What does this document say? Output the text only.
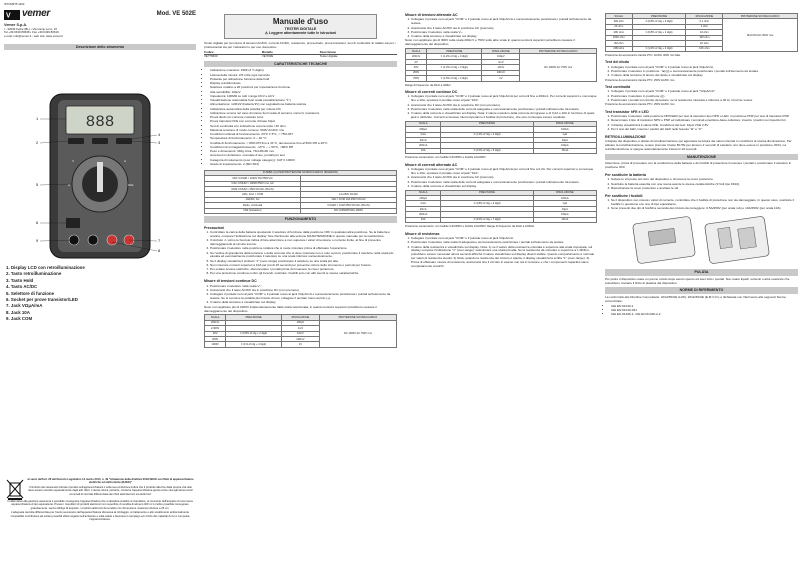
ISTOM975 1404
V vemer	Mod. VE 502E
Vemer S.p.A.
I - 32032 Feltre (BL) • Via Camp Lonc, 16
Tel +39 0439 80638 • Fax +39 0439 80619
e-mail: info@vemer.it - web site: www.vemer.it
Descrizione dello strumento
888
V	A
Ω	hFE
1
2	3
4
5
6
7
8
9
1. Display LCD con retroilluminazione
2. Tasto retroilluminazione
3. Tasto Hold
4. Tasto AC/DC
5. Selettore di funzione
6. Socket per prove transistor/LED
7. Jack VΩμA/mA
8. Jack 10A
9. Jack COM

ai sensi dell'art. 26 del Decreto Legislativo 14 marzo 2014, n. 49 "Attuazione della direttiva 2012/19/UE sui rifiuti di apparecchiature elettriche ed elettroniche (RAEE)"

Il simbolo del cassonetto barrato riportato sull'apparecchiatura o sulla sua confezione indica che il prodotto alla fine della propria vita utile deve essere raccolto separatamente dagli altri rifiuti. L'utente dovrà, pertanto, conferire l'apparecchiatura giunta a fine vita agli idonei centri comunali di raccolta differenziata dei rifiuti elettrotecnici ed elettronici.

In alternativa alla gestione autonoma è possibile consegnare l'apparecchiatura che si desidera smaltire al rivenditore, al momento dell'acquisto di una nuova apparecchiatura di tipo equivalente. Presso i rivenditori di prodotti elettronici con superficie di vendita di almeno 400 m² è inoltre possibile consegnare gratuitamente, senza obbligo di acquisto, i prodotti elettronici da smaltire con dimensione massima inferiore a 25 cm.

L'adeguata raccolta differenziata per l'avvio successivo dell'apparecchiatura dismessa al riciclaggio, al trattamento e allo smaltimento ambientalmente compatibile contribuisce ad evitare possibili effetti negativi sull'ambiente e sulla salute e favorisce il reimpiego e/o riciclo dei materiali di cui è composta l'apparecchiatura.

Manuale d'uso
TESTER DIGITALE
⚠ Leggere attentamente tutte le istruzioni

Tester digitale per la misura di tensioni AC/DC, correnti AC/DC, resistenze, prova diodo, prova transistor, test di continuità. E' adatto sia per i professionisti sia per i laboratori e per uso domestico.

Codice	Modello	Descrizione
VE776600	VE 502E	Tester digitale
CARATTERISTICHE TECNICHE
• Indicazione massima: 1999 (3 ½ digits)
• Lettura della misura: 2/3 volte ogni secondo
• Pulsante per attivazione funzione data hold
• Display retroilluminato
• Selettore rotativo a 20 posizioni per impostazione funzione
• Alta sensibilità: 100μV
• Impedenza: 100MΩ su tutti i range DCV e ACV
• Visualizzazione automatica fuori scala (visualizzazione "1")
• Alimentazione: 1x6F22 (batteria 9V) con segnalazione batteria scarica
• Indicazione automatica della polarità per misure DC
• Indicazione sonora nel caso di misure fuori scala di tensioni, correnti, resistenze
• Prova diodi con corrente costante 1mA
• Prova transistor hFE con corrente di base 10μA
• Test di continuità con indicazione sonora sotto i 30 ohm
• Massima tensione di modo comune: 500V AC/DC rms
• Condizioni ottimali di funzionamento: 23°C ± 5°C, < 75% RH
• Temperatura di funzionamento: 0 ~ 40 °C
• Umidità di funzionamento: < 80% RH fino a 31°C, decrescente fino al 50% RH a 40°C
• Condizioni di immagazzinamento: -10°C ~ + 50°C, <80% RH
• Peso e dimensioni: 340g circa, 74x145x40 mm
• Accessori in dotazione: manuale d'uso, puntali per test
• Categoria di isolamento (over voltage category): CAT II 1000V
• Grado di inquinamento: 2 (IEC 664)
FUSIBILI (A) PER PROTEZIONE SOVRACCARICO (INGRESSI)	
VDC V/OHM = 1000V DC/750V AC	
V/AC V/OHM = 1000V/750V rms, AC	
OHM V/OHM = 250V DC/AC (Picchi)	
ADC, ACA = COM	mA 250V DC/AC
10A/DC, AC	10A = COM 10A 250V DC/AC
Diodo, continuità	V/OHM = COM 250V DC/AC (Picchi)
hFE (transistor)	NO COPERTURA 1000V
FUNZIONAMENTO
Precauzioni
1. Controllare la carica della batteria spostando il selettore di funzione dalla posizione OFF in qualsiasi altra posizione. Se la batteria è scarica, compare l'indicazione sul display: fare riferimento alla sezione MANUTENZIONE in questo manuale per la sostituzione.
2. Il simbolo ⚠ vicino le boccole indica di fare attenzione a non superare i valori di tensione o corrente limite, al fine di prevenire danneggiamenti al circuito interno.
3. Posizionare il selettore nella posizione relativa che si vuole misurare prima di effettuare l'operazione.
4. Se l'ordine di grandezza della tensione o della corrente che si deve misurare non è noto a priori, posizionare il selettore nella scala più elevata ed eventualmente posizionare il selettore su una scala inferiore successivamente.
5. Se il display visualizza il simbolo "1" (over-range) posizionare il selettore su una scala più alta.
6. Non misurare correnti superiori a 10A per più di 15 secondi per prevenire rotture dello strumento o pericoli per l'utente.
7. Per evitare scosse elettriche, disconnettere i puntali prima di rimuovere la cover posteriore.
8. Per una protezione continua contro gli incendi, sostituire i fusibili solo con altri aventi le stesse caratteristiche.
Misure di tensioni continue DC
1. Posizionare il selettore nella scala V⎓.
2. Assicurarsi che il tasto AC/DC sia in posizione DC (non premuto).
3. Collegare il puntale nero al jack "COM" e il puntale rosso al jack VΩμA/mA e successivamente posizionare i puntali sull'elemento da testare. Se si conosce la polarità del circuito di test, collegare il puntale rosso al polo (+).
4. Il valore della tensione è visualizzato sul display.

Nota: non applicare più di 1000V indipendentemente dalla scala selezionata, in quanto tensioni superiori potrebbero causare il danneggiamento del dispositivo.

SCALA	PRECISIONE	RISOLUZIONE	PROTEZIONE SOVRACCARICO
200mV		100μV	DC 1000V AC 750V rms
2,000V		1mV	
20V	± (0,8% of rdg + 2 digit)	10mV	
200V		100mV	
1000V	± (1% of rdg + 2 digit)	1V	
Misure di tensioni alternate AC
1. Collegare il puntale nero al jack "COM" e il puntale rosso al jack VΩμA/mA e successivamente posizionare i puntali sull'elemento da testare.
2. Assicurarsi che il tasto AC/DC sia in posizione AC (premuto).
3. Posizionare il selettore nella scala V~.
4. Il valore della tensione è visualizzato sul display.

Nota: non applicare più di 300V sulla scala 200mV e 750V sulle altre scale in quanto tensioni superiori potrebbero causare il danneggiamento del dispositivo.

SCALA	PRECISIONE	RISOLUZIONE	PROTEZIONE SOVRACCARICO
200mV	± (1,2% of rdg + 3 digit)	100μV	DC 1000V AC 750V rms
2V		1mV	
20V	± (1,2% of rdg + 3 digit)	10mV	
200V		100mV	
750V	± (1,5% of rdg + 3 digit)	1V	

Range di frequenza: da 40Hz a 400Hz

Misure di correnti continue DC
1. Collegare il puntale nero al jack "COM" e il puntale rosso al jack VΩμA/mA per correnti fino a 400mA. Per correnti superiori e comunque fino a 10A, spostare il puntale rosso al jack "10A".
2. Assicurarsi che il tasto AC/DC sia in posizione DC (non premuto).
3. Posizionare il selettore nella scala delle correnti adeguata e successivamente posizionare i puntali sull'elemento da testare.
4. Il valore della corrente è visualizzato sul display. Nota: il valore massimo della corrente di ingresso è di 0,2A o 10A in funzione di quale jack è utilizzato. Correnti eccessive interromperanno il fusibile di protezione, che può comunque essere sostituito.
SCALA	PRECISIONE	RISOLUZIONE
200μA		100nA
2mA	± (1,2% of rdg + 2 digit)	1μA
20mA		10μA
200mA		100μA
10A	± (2,0% of rdg + 5 digit)	10mA

Protezione sovraccarico: con fusibile 0,5A/250V e fusibile 10A/250V

Misure di correnti alternate AC
1. Collegare il puntale nero al jack "COM" e il puntale rosso al jack VΩμA/mA per correnti fino a 0,2A. Per correnti superiori e comunque fino a 10A, spostare il puntale rosso al jack "10A".
2. Assicurarsi che il tasto AC/DC sia in posizione AC (premuto).
3. Posizionare il selettore nella scala delle correnti adeguata e successivamente posizionare i puntali sull'elemento da testare.
4. Il valore della corrente è visualizzato sul display.
SCALA	PRECISIONE	RISOLUZIONE
200μA		100nA
2mA	± (1,8% of rdg + 3 digit)	1μA
20mA		10μA
200mA		100μA
10A	± (3,0% of rdg + 7 digit)	10mA

Protezione sovraccarico: con fusibile 0,5A/250V e fusibile 10A/250V. Range di frequenza: da 40Hz a 1000Hz

Misure di resistenza
1. Collegare il puntale nero al jack "COM" e il puntale rosso al jack VΩμA/mA.
2. Posizionare il selettore nella scala Ω adeguata e successivamente posizionare i puntali sull'elemento da testare.
3. Il valore della resistenza è visualizzato sul display. Nota: 1) se il valore della resistenza misurata è superiore alla scala impostata, sul display compare l'indicazione "1" (over-range): selezionare una scala più alta. Se la resistenza da misurare è superiore a 1 MOhm, potrebbero essere necessari alcuni secondi affinché il valore visualizzato sul display diventi stabile. Questo comportamento è normale per valori di resistenza elevati. 2) Nota: quando la resistenza del circuito è aperta, il display visualizza la scritta "1" (over-range). 3) Prima di effettuare misure di resistenza, assicurarsi che il circuito in esame non sia in tensione e che i componenti capacitivi siano completamente scarichi.
SCALA	PRECISIONE	RISOLUZIONE	PROTEZIONE SOVRACCARICO
200 ohm	± (0,8% of rdg + 3 digit)	0,1 ohm	MAX DC/AC 300V rms
2K ohm		1 ohm	
20K ohm	± (0,8% of rdg + 1 digit)	10 ohm	
200K ohm		100 ohm	
2M ohm		1K ohm	
20M ohm	± (1,0% of rdg + 2 digit)	10K ohm	

Protezione da sovraccarico tramite PTC: AC/DC 300V rms Max

Test del diodo
1. Collegare il puntale nero al jack "COM" e il puntale rosso al jack VΩμA/mA.
2. Posizionare il selettore in posizione ⊣▸|•))) e successivamente posizionare i puntali sull'elemento da testare.
3. Il valore della tensione di lavoro del diodo è visualizzato sul display.

Protezione da sovraccarico tramite PTC: 250V AC/DC rms

Test continuità
1. Collegare il puntale nero al jack "COM" e il puntale rosso al jack "VΩμA/mA".
2. Posizionare il selettore in posizione •))) .
3. Posizionare i puntali sul circuito da testare: se la resistenza misurata è inferiore a 30 Ω, il buzzer suona.

Protezione da sovraccarico tramite PTC: 250V AC/DC rms

Test transistor hFE e LED
1. Posizionare il selettore nella posizione NPN/LED per test di transistor tipo NPN o LED, in posizione PNP per test di transistor PNP.
2. Determinare il tipo di transistor NPN o PNP ed individuare i terminali emettitore-base-collettore; inserire i piedini nei rispettivi fori.
3. Il display visualizzerà il valore hFE. Condizioni del test: 10μA VCE 2.8V
4. Per il test del LED, inserire i piedini del LED nelle fessure "E" e "C"
RETROILLUMINAZIONE

Il display del dispositivo è dotato di retroilluminazione per agevolare la lettura dei valori misurati in condizioni di scarsa illuminazione. Per attivare la retroilluminazione, tenere premuto il tasto BLITE per almeno 2 secondi (il selettore non deve essere in posizione OFF). La retroilluminazione si spegne automaticamente trascorsi 10 secondi.

MANUTENZIONE

Attenzione: prima di procedere con la sostituzione della batteria e dei fusibili di protezione rimuovere i puntali e posizionare il selettore in posizione OFF

Per sostituire la batteria
1. Svitare le viti poste sul retro del dispositivo e rimuovere la cover posteriore.
2. Sostituire la batteria esaurita con una nuova avente le stesse caratteristiche (9 Volt tipo 6F22).
3. Riposizionare la cover posteriore e avvitare le viti
Per sostituire i fusibili
1. Se il dispositivo non misura i valori di corrente, controllare che il fusibile di protezione non sia danneggiato. In questo caso, sostituire il fusibile in questione con uno di tipo equivalente.
2. Sono presenti due tipi di fusibili a seconda del circuito da proteggere: 0,5A/250V (per scala mA) e 10A/250V (per scala 10A)
PULIZIA

Per pulire il dispositivo usare un panno umido dopo averlo spento ed aver tolto i puntali. Non usare liquidi, solventi o altre sostanze che potrebbero rovinare il finito di plastica del dispositivo.

NORME DI RIFERIMENTO

La conformità alle Direttive Comunitarie: 2014/35/UE (LVD), 2014/30/UE (E.M.C.D.) è dichiarata con riferimento alle seguenti Norme armonizzate:

• CEI EN 61010-1
• CEI EN 61010-031
• CEI EN 61326-1; CEI EN 61326-2-2
